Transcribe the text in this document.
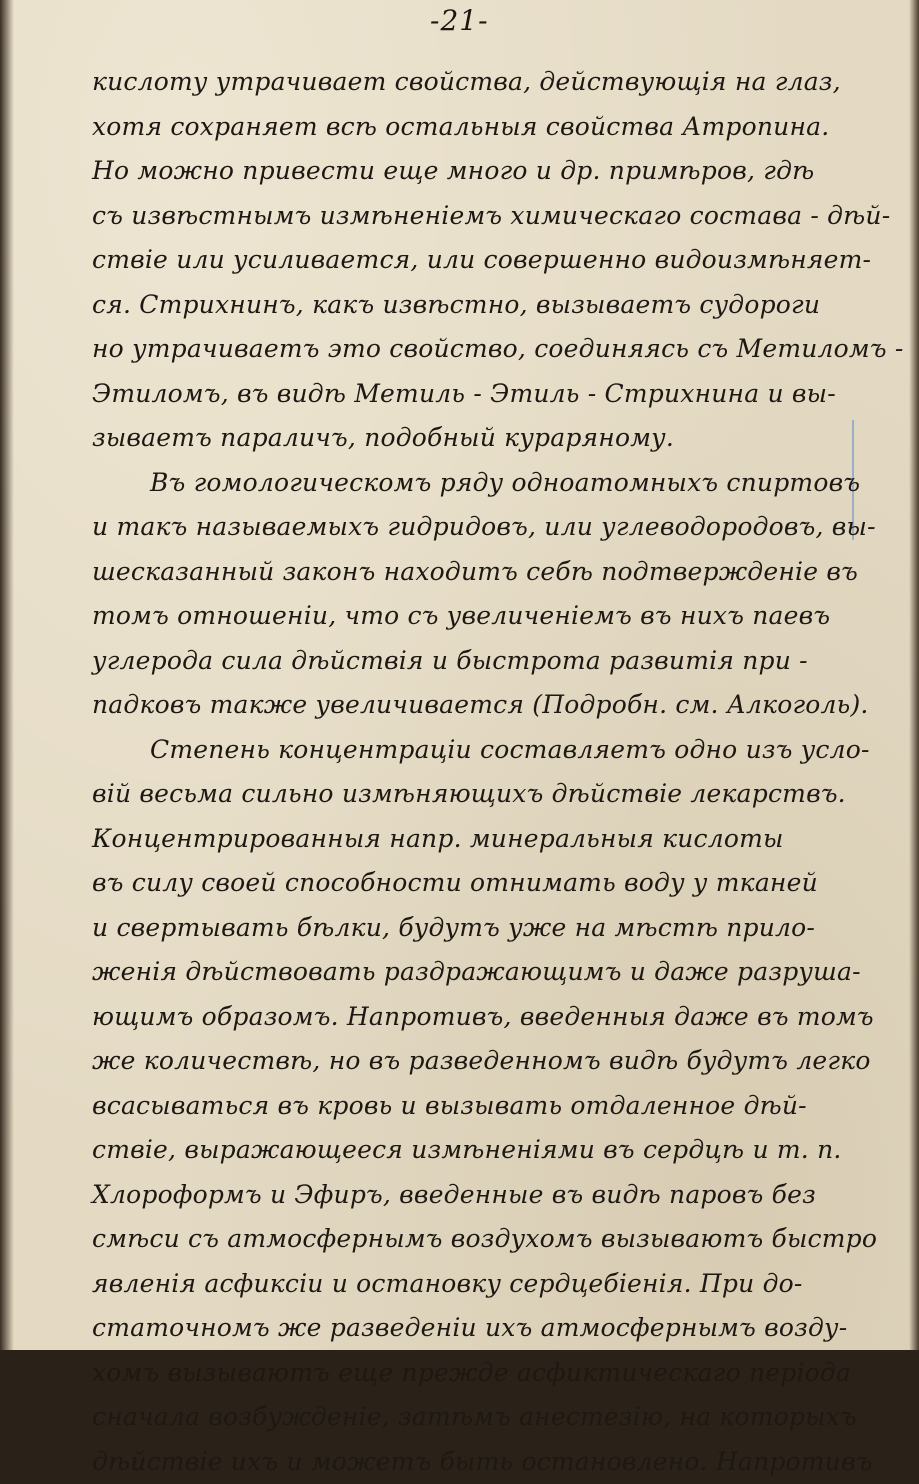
-21-
кислоту утрачивает свойства, действующiя на глаз,
хотя сохраняет всѣ остальныя свойства Атропина.
Но можно привести еще много и др. примѣров, гдѣ
съ извѣстнымъ измѣненiемъ химическаго состава - дѣй-
ствiе или усиливается, или совершенно видоизмѣняет-
ся. Стрихнинъ, какъ извѣстно, вызываетъ судороги
но утрачиваетъ это свойство, соединяясь съ Метиломъ -
Этиломъ, въ видѣ Метиль - Этиль - Стрихнина и вы-
зываетъ параличъ, подобный кураряному.
Въ гомологическомъ ряду одноатомныхъ спиртовъ
и такъ называемыхъ гидридовъ, или углеводородовъ, вы-
шесказанный законъ находитъ себѣ подтвержденiе въ
томъ отношенiи, что съ увеличенiемъ въ нихъ паевъ
углерода сила дѣйствiя и быстрота развитiя при -
падковъ также увеличивается (Подробн. см. Алкоголь).
Степень концентрацiи составляетъ одно изъ усло-
вiй весьма сильно измѣняющихъ дѣйствiе лекарствъ.
Концентрированныя напр. минеральныя кислоты
въ силу своей способности отнимать воду у тканей
и свертывать бѣлки, будутъ уже на мѣстѣ прило-
женiя дѣйствовать раздражающимъ и даже разруша-
ющимъ образомъ. Напротивъ, введенныя даже въ томъ
же количествѣ, но въ разведенномъ видѣ будутъ легко
всасываться въ кровь и вызывать отдаленное дѣй-
ствiе, выражающееся измѣненiями въ сердцѣ и т. п.
Хлороформъ и Эфиръ, введенные въ видѣ паровъ без
смѣси съ атмосфернымъ воздухомъ вызываютъ быстро
явленiя асфиксiи и остановку сердцебiенiя. При до-
статочномъ же разведенiи ихъ атмосфернымъ возду-
хомъ вызываютъ еще прежде асфиктическаго перiода
сначала возбужденiе, затѣмъ анестезiю, на которыхъ
дѣйствiе ихъ и можетъ быть остановлено. Напротивъ
